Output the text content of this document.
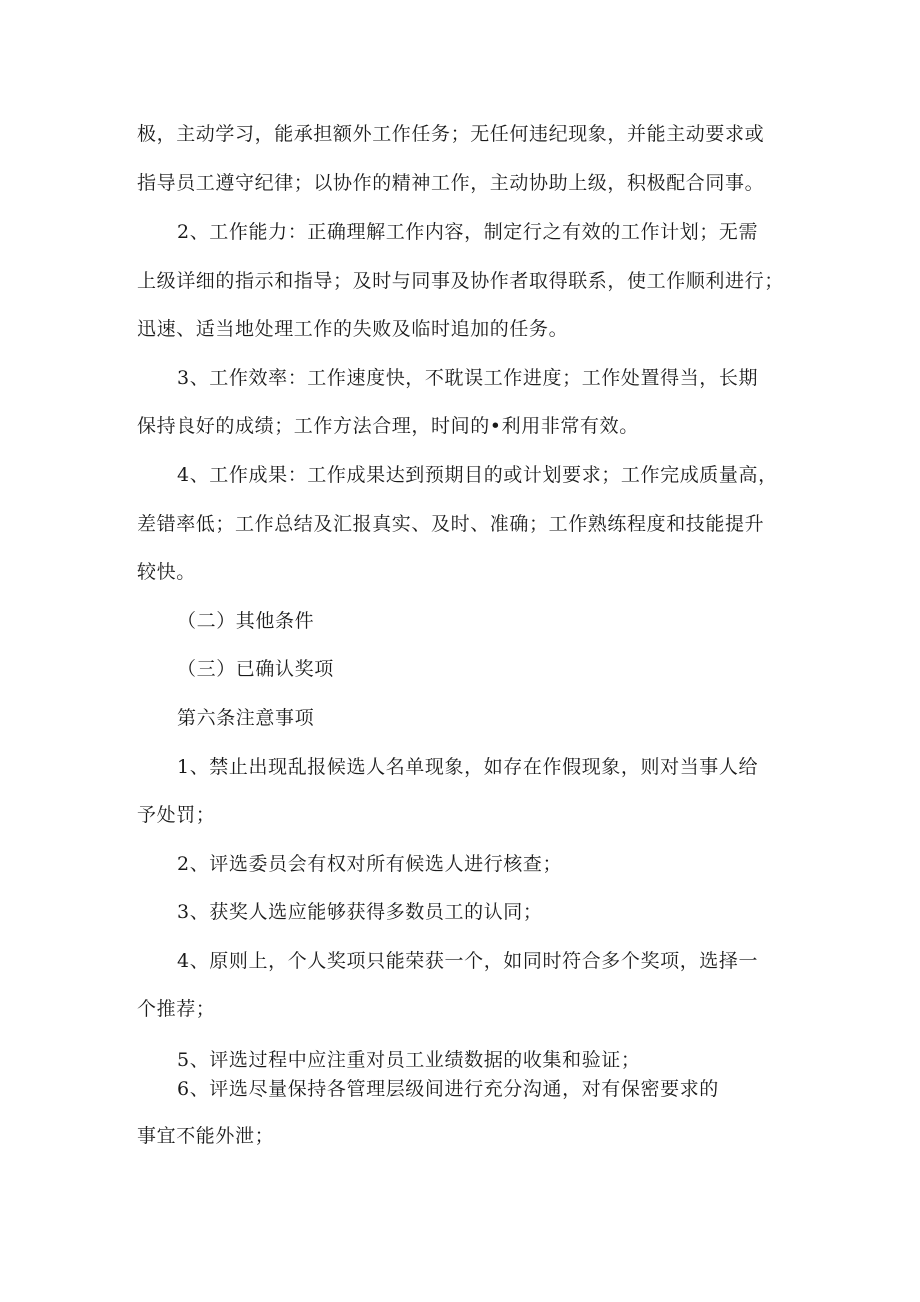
极，主动学习，能承担额外工作任务；无任何违纪现象，并能主动要求或
指导员工遵守纪律；以协作的精神工作，主动协助上级，积极配合同事。
2、工作能力：正确理解工作内容，制定行之有效的工作计划；无需
上级详细的指示和指导；及时与同事及协作者取得联系，使工作顺利进行；
迅速、适当地处理工作的失败及临时追加的任务。
3、工作效率：工作速度快，不耽误工作进度；工作处置得当，长期
保持良好的成绩；工作方法合理，时间的•利用非常有效。
4、工作成果：工作成果达到预期目的或计划要求；工作完成质量高，
差错率低；工作总结及汇报真实、及时、准确；工作熟练程度和技能提升
较快。
（二）其他条件
（三）已确认奖项
第六条注意事项
1、禁止出现乱报候选人名单现象，如存在作假现象，则对当事人给
予处罚；
2、评选委员会有权对所有候选人进行核查；
3、获奖人选应能够获得多数员工的认同；
4、原则上，个人奖项只能荣获一个，如同时符合多个奖项，选择一
个推荐；
5、评选过程中应注重对员工业绩数据的收集和验证；
6、评选尽量保持各管理层级间进行充分沟通，对有保密要求的
事宜不能外泄；
